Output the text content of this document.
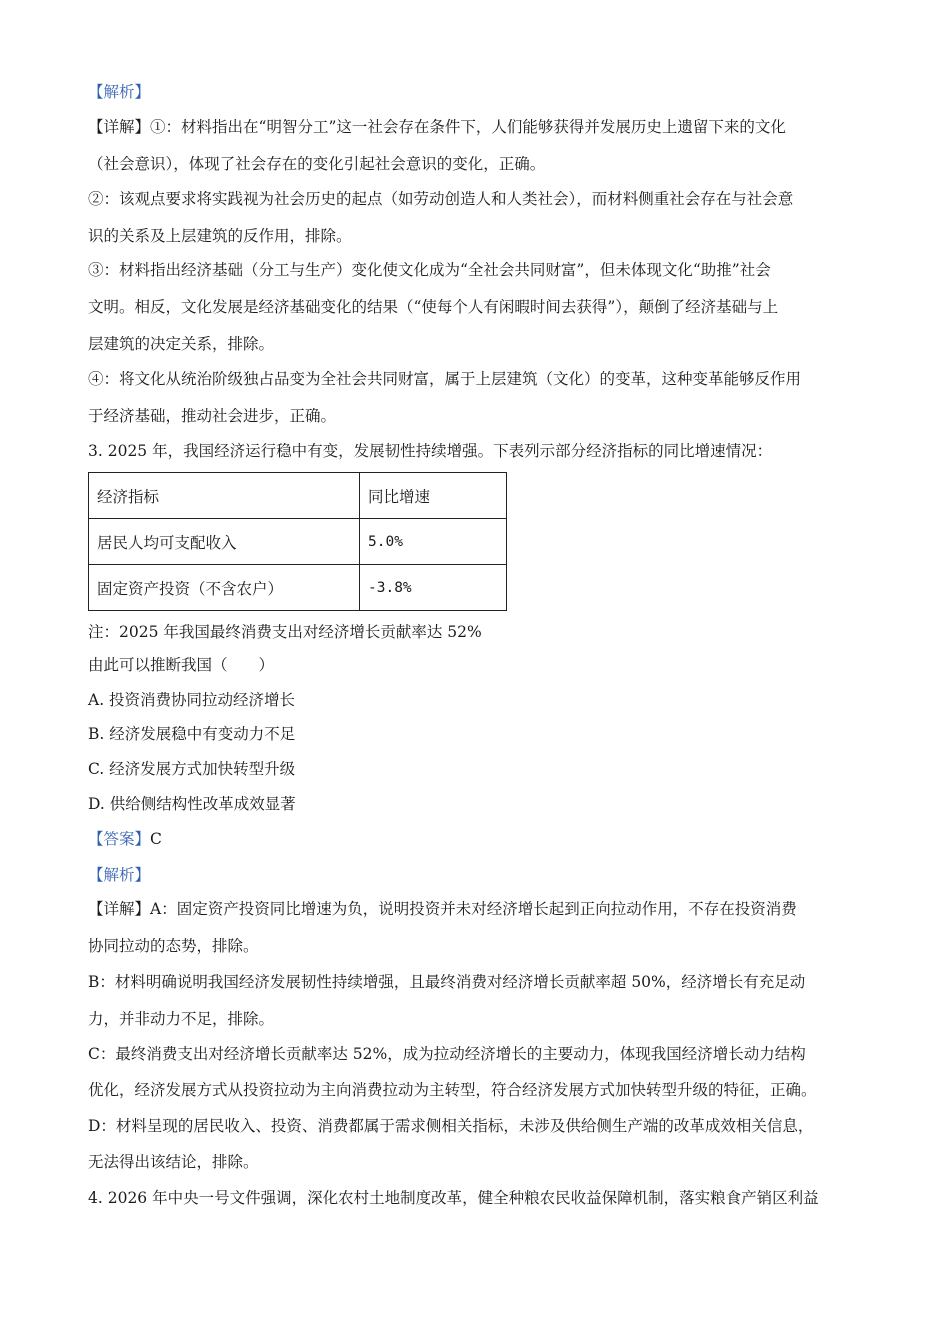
【解析】
【详解】①：材料指出在“明智分工”这一社会存在条件下，人们能够获得并发展历史上遗留下来的文化
（社会意识），体现了社会存在的变化引起社会意识的变化，正确。
②：该观点要求将实践视为社会历史的起点（如劳动创造人和人类社会），而材料侧重社会存在与社会意
识的关系及上层建筑的反作用，排除。
③：材料指出经济基础（分工与生产）变化使文化成为“全社会共同财富”，但未体现文化“助推”社会
文明。相反，文化发展是经济基础变化的结果（“使每个人有闲暇时间去获得”），颠倒了经济基础与上
层建筑的决定关系，排除。
④：将文化从统治阶级独占品变为全社会共同财富，属于上层建筑（文化）的变革，这种变革能够反作用
于经济基础，推动社会进步，正确。
3. 2025 年，我国经济运行稳中有变，发展韧性持续增强。下表列示部分经济指标的同比增速情况：
经济指标	同比增速
居民人均可支配收入	5.0%
固定资产投资（不含农户）	-3.8%
注：2025 年我国最终消费支出对经济增长贡献率达 52%
由此可以推断我国（　　）
A. 投资消费协同拉动经济增长
B. 经济发展稳中有变动力不足
C. 经济发展方式加快转型升级
D. 供给侧结构性改革成效显著
【答案】C
【解析】
【详解】A：固定资产投资同比增速为负，说明投资并未对经济增长起到正向拉动作用，不存在投资消费
协同拉动的态势，排除。
B：材料明确说明我国经济发展韧性持续增强，且最终消费对经济增长贡献率超 50%，经济增长有充足动
力，并非动力不足，排除。
C：最终消费支出对经济增长贡献率达 52%，成为拉动经济增长的主要动力，体现我国经济增长动力结构
优化，经济发展方式从投资拉动为主向消费拉动为主转型，符合经济发展方式加快转型升级的特征，正确。
D：材料呈现的居民收入、投资、消费都属于需求侧相关指标，未涉及供给侧生产端的改革成效相关信息，
无法得出该结论，排除。
4. 2026 年中央一号文件强调，深化农村土地制度改革，健全种粮农民收益保障机制，落实粮食产销区利益
